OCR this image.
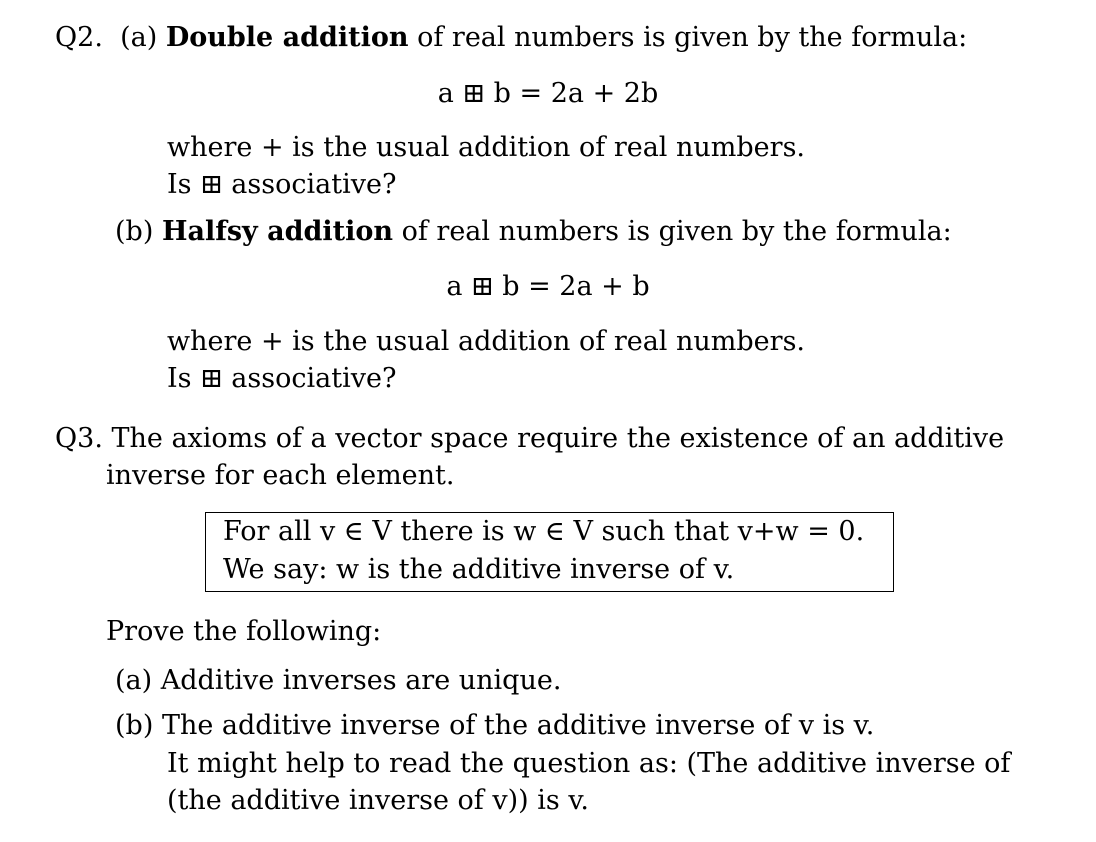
Q2. (a) Double addition of real numbers is given by the formula:
a ⊞ b = 2a + 2b
where + is the usual addition of real numbers.
Is ⊞ associative?
(b) Halfsy addition of real numbers is given by the formula:
a ⊞ b = 2a + b
where + is the usual addition of real numbers.
Is ⊞ associative?
Q3. The axioms of a vector space require the existence of an additive
inverse for each element.
For all v ∈ V there is w ∈ V such that v+w = 0.
We say: w is the additive inverse of v.
Prove the following:
(a) Additive inverses are unique.
(b) The additive inverse of the additive inverse of v is v.
It might help to read the question as: (The additive inverse of
(the additive inverse of v)) is v.
